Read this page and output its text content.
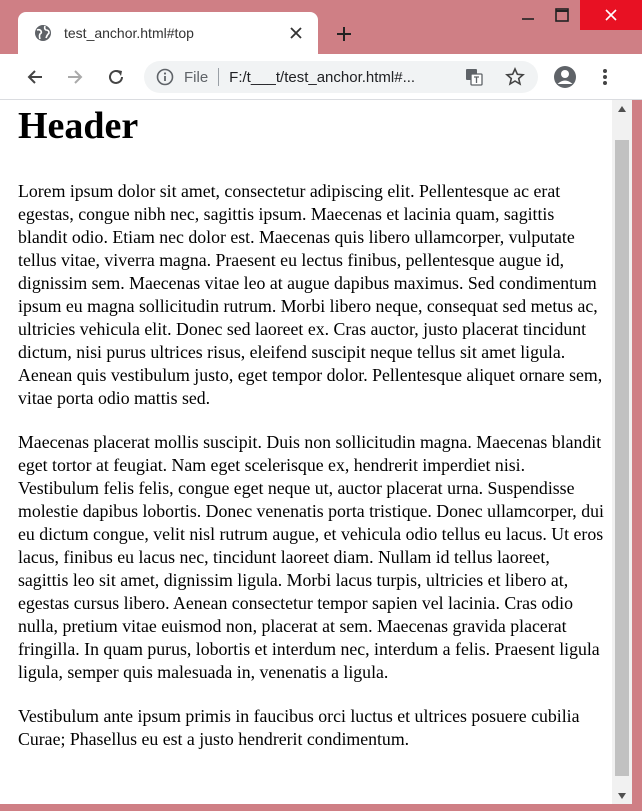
test_anchor.html#top
File F:/t___t/test_anchor.html#...
Header

Lorem ipsum dolor sit amet, consectetur adipiscing elit. Pellentesque ac erat egestas, congue nibh nec, sagittis ipsum. Maecenas et lacinia quam, sagittis blandit odio. Etiam nec dolor est. Maecenas quis libero ullamcorper, vulputate tellus vitae, viverra magna. Praesent eu lectus finibus, pellentesque augue id, dignissim sem. Maecenas vitae leo at augue dapibus maximus. Sed condimentum ipsum eu magna sollicitudin rutrum. Morbi libero neque, consequat sed metus ac, ultricies vehicula elit. Donec sed laoreet ex. Cras auctor, justo placerat tincidunt dictum, nisi purus ultrices risus, eleifend suscipit neque tellus sit amet ligula. Aenean quis vestibulum justo, eget tempor dolor. Pellentesque aliquet ornare sem, vitae porta odio mattis sed.

Maecenas placerat mollis suscipit. Duis non sollicitudin magna. Maecenas blandit eget tortor at feugiat. Nam eget scelerisque ex, hendrerit imperdiet nisi. Vestibulum felis felis, congue eget neque ut, auctor placerat urna. Suspendisse molestie dapibus lobortis. Donec venenatis porta tristique. Donec ullamcorper, dui eu dictum congue, velit nisl rutrum augue, et vehicula odio tellus eu lacus. Ut eros lacus, finibus eu lacus nec, tincidunt laoreet diam. Nullam id tellus laoreet, sagittis leo sit amet, dignissim ligula. Morbi lacus turpis, ultricies et libero at, egestas cursus libero. Aenean consectetur tempor sapien vel lacinia. Cras odio nulla, pretium vitae euismod non, placerat at sem. Maecenas gravida placerat fringilla. In quam purus, lobortis et interdum nec, interdum a felis. Praesent ligula ligula, semper quis malesuada in, venenatis a ligula.

Vestibulum ante ipsum primis in faucibus orci luctus et ultrices posuere cubilia Curae; Phasellus eu est a justo hendrerit condimentum.
